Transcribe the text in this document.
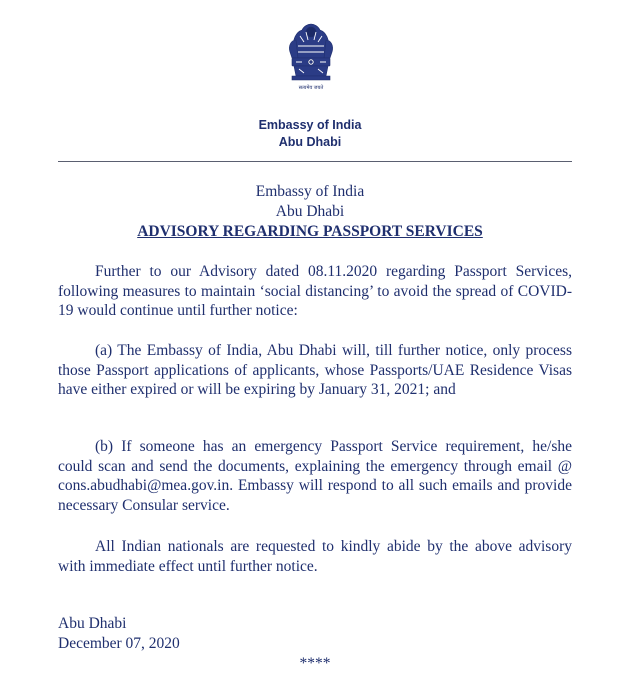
सत्यमेव जयते
Embassy of India
Abu Dhabi
Embassy of India
Abu Dhabi
ADVISORY REGARDING PASSPORT SERVICES

Further to our Advisory dated 08.11.2020 regarding Passport Services, following measures to maintain ‘social distancing’ to avoid the spread of COVID-19 would continue until further notice:

(a) The Embassy of India, Abu Dhabi will, till further notice, only process those Passport applications of applicants, whose Passports/UAE Residence Visas have either expired or will be expiring by January 31, 2021; and

(b) If someone has an emergency Passport Service requirement, he/she could scan and send the documents, explaining the emergency through email @ cons.abudhabi@mea.gov.in. Embassy will respond to all such emails and provide necessary Consular service.

All Indian nationals are requested to kindly abide by the above advisory with immediate effect until further notice.

Abu Dhabi
December 07, 2020
****
